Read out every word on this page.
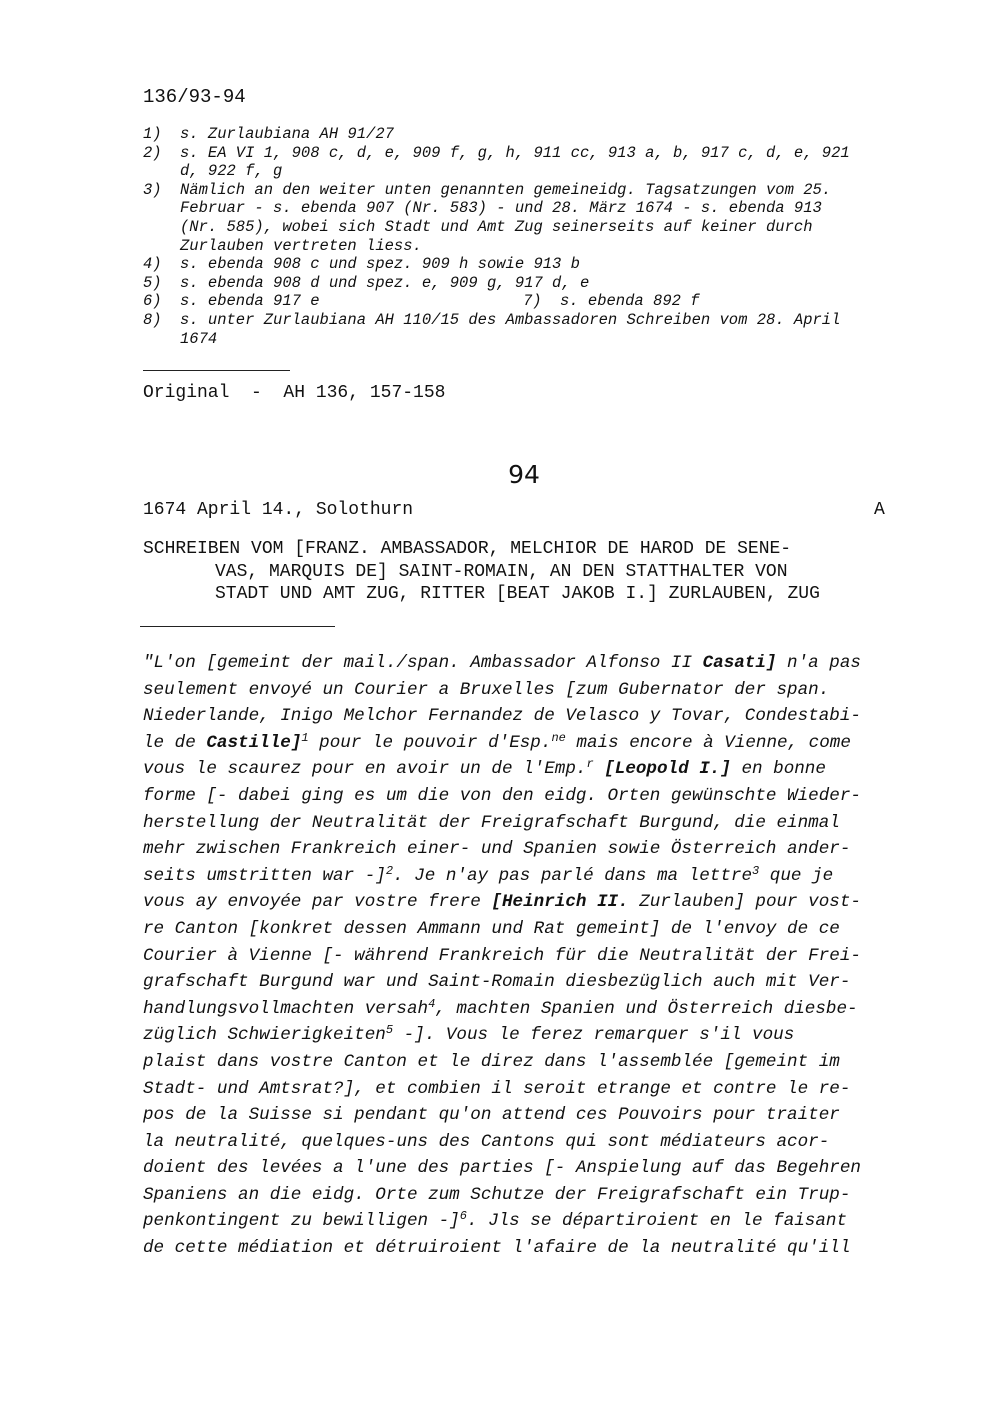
136/93-94
1) s. Zurlaubiana AH 91/27
2) s. EA VI 1, 908 c, d, e, 909 f, g, h, 911 cc, 913 a, b, 917 c, d, e, 921
d, 922 f, g
3) Nämlich an den weiter unten genannten gemeineidg. Tagsatzungen vom 25.
Februar - s. ebenda 907 (Nr. 583) - und 28. März 1674 - s. ebenda 913
(Nr. 585), wobei sich Stadt und Amt Zug seinerseits auf keiner durch
Zurlauben vertreten liess.
4) s. ebenda 908 c und spez. 909 h sowie 913 b
5) s. ebenda 908 d und spez. e, 909 g, 917 d, e
6) s. ebenda 917 e	7) s. ebenda 892 f
8) s. unter Zurlaubiana AH 110/15 des Ambassadoren Schreiben vom 28. April
1674
Original  -  AH 136, 157-158
94
1674 April 14., Solothurn	A
SCHREIBEN VOM [FRANZ. AMBASSADOR, MELCHIOR DE HAROD DE SENE-
VAS, MARQUIS DE] SAINT-ROMAIN, AN DEN STATTHALTER VON
STADT UND AMT ZUG, RITTER [BEAT JAKOB I.] ZURLAUBEN, ZUG
"L'on [gemeint der mail./span. Ambassador Alfonso II Casati] n'a pas
seulement envoyé un Courier a Bruxelles [zum Gubernator der span.
Niederlande, Inigo Melchor Fernandez de Velasco y Tovar, Condestabi-
le de Castille]$^1$ pour le pouvoir d'Esp.$^{ne}$ mais encore à Vienne, come
vous le scaurez pour en avoir un de l'Emp.$^r$ [Leopold I.] en bonne
forme [- dabei ging es um die von den eidg. Orten gewünschte Wieder-
herstellung der Neutralität der Freigrafschaft Burgund, die einmal
mehr zwischen Frankreich einer- und Spanien sowie Österreich ander-
seits umstritten war -]$^2$. Je n'ay pas parlé dans ma lettre$^3$ que je
vous ay envoyée par vostre frere [Heinrich II. Zurlauben] pour vost-
re Canton [konkret dessen Ammann und Rat gemeint] de l'envoy de ce
Courier à Vienne [- während Frankreich für die Neutralität der Frei-
grafschaft Burgund war und Saint-Romain diesbezüglich auch mit Ver-
handlungsvollmachten versah$^4$, machten Spanien und Österreich diesbe-
züglich Schwierigkeiten$^5$ -]. Vous le ferez remarquer s'il vous
plaist dans vostre Canton et le direz dans l'assemblée [gemeint im
Stadt- und Amtsrat?], et combien il seroit etrange et contre le re-
pos de la Suisse si pendant qu'on attend ces Pouvoirs pour traiter
la neutralité, quelques-uns des Cantons qui sont médiateurs acor-
doient des levées a l'une des parties [- Anspielung auf das Begehren
Spaniens an die eidg. Orte zum Schutze der Freigrafschaft ein Trup-
penkontingent zu bewilligen -]$^6$. Jls se départiroient en le faisant
de cette médiation et détruiroient l'afaire de la neutralité qu'ill
